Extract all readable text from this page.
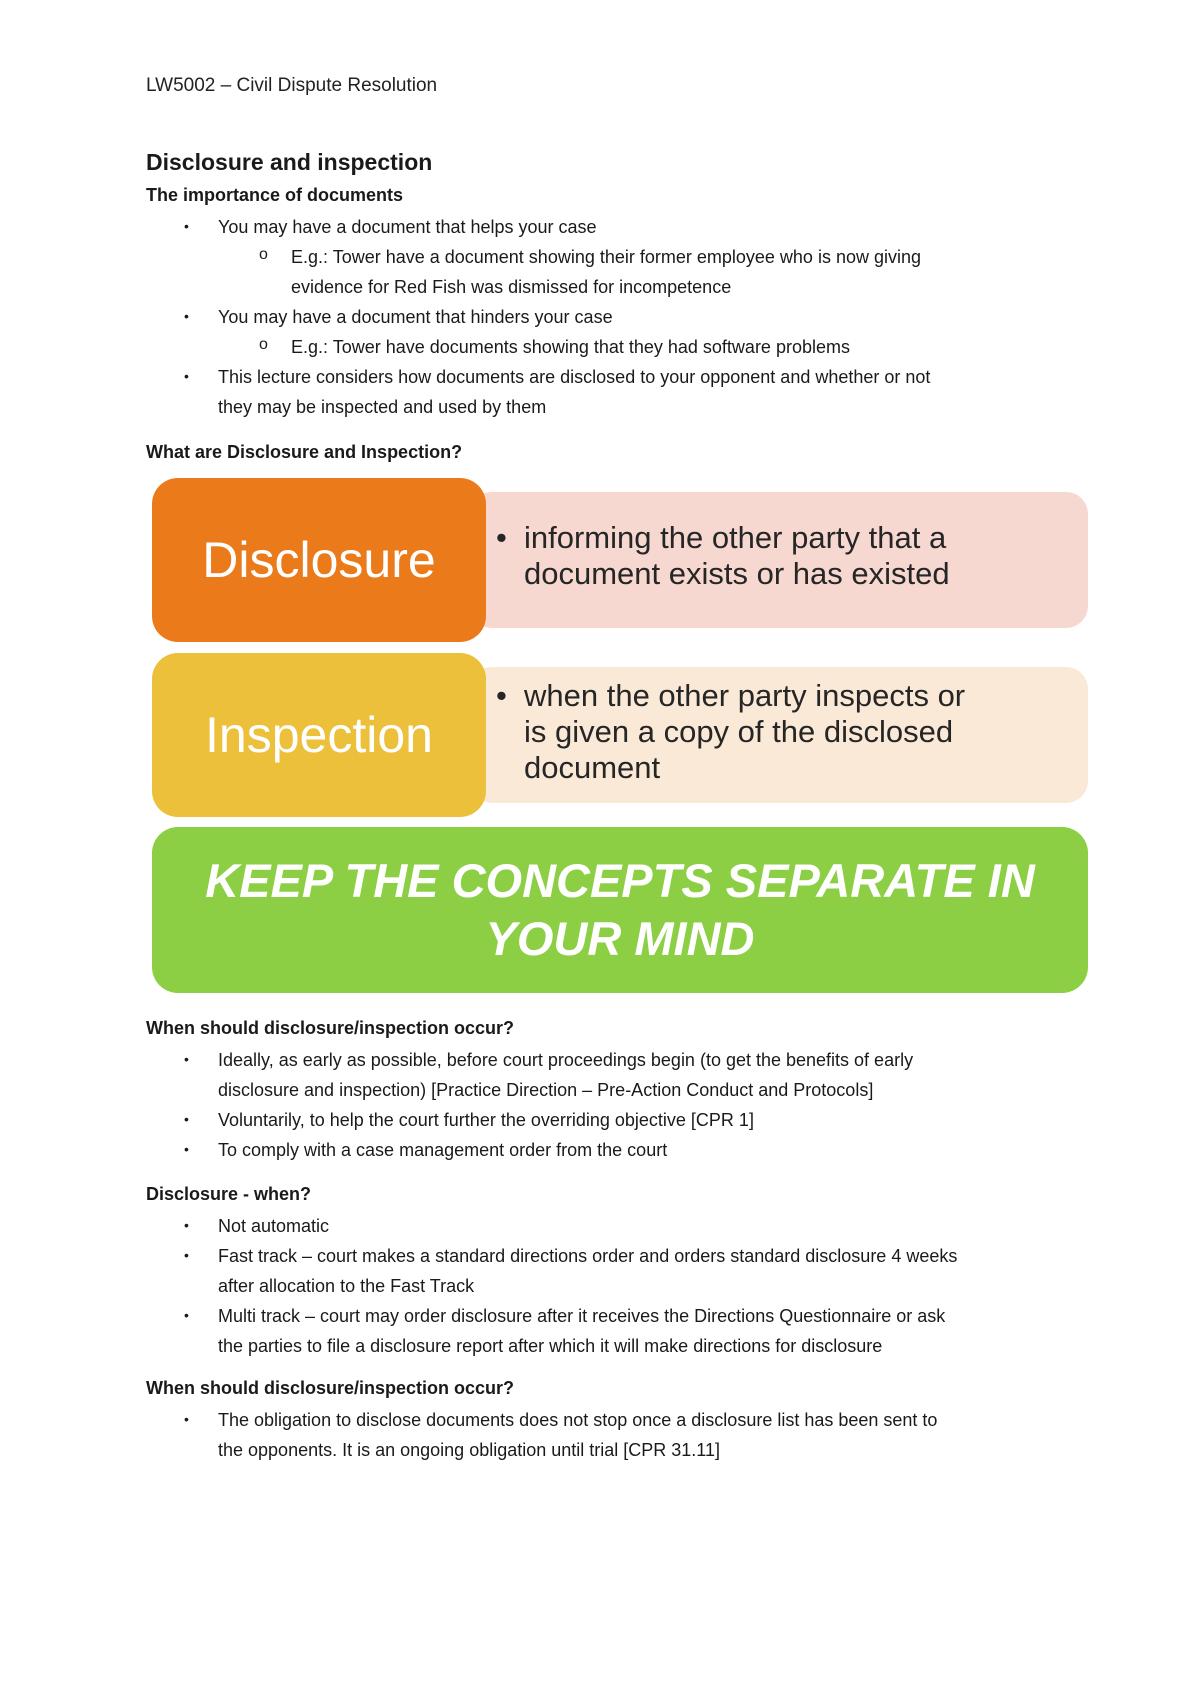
LW5002 – Civil Dispute Resolution
Disclosure and inspection
The importance of documents
• You may have a document that helps your case
o E.g.: Tower have a document showing their former employee who is now giving
evidence for Red Fish was dismissed for incompetence
• You may have a document that hinders your case
o E.g.: Tower have documents showing that they had software problems
• This lecture considers how documents are disclosed to your opponent and whether or not
they may be inspected and used by them
What are Disclosure and Inspection?
Disclosure • informing the other party that a
document exists or has existed
Inspection
• when the other party inspects or
is given a copy of the disclosed
document
KEEP THE CONCEPTS SEPARATE IN
YOUR MIND
When should disclosure/inspection occur?
• Ideally, as early as possible, before court proceedings begin (to get the benefits of early
disclosure and inspection) [Practice Direction – Pre-Action Conduct and Protocols]
• Voluntarily, to help the court further the overriding objective [CPR 1]
• To comply with a case management order from the court
Disclosure - when?
• Not automatic
• Fast track – court makes a standard directions order and orders standard disclosure 4 weeks
after allocation to the Fast Track
• Multi track – court may order disclosure after it receives the Directions Questionnaire or ask
the parties to file a disclosure report after which it will make directions for disclosure
When should disclosure/inspection occur?
• The obligation to disclose documents does not stop once a disclosure list has been sent to
the opponents. It is an ongoing obligation until trial [CPR 31.11]
